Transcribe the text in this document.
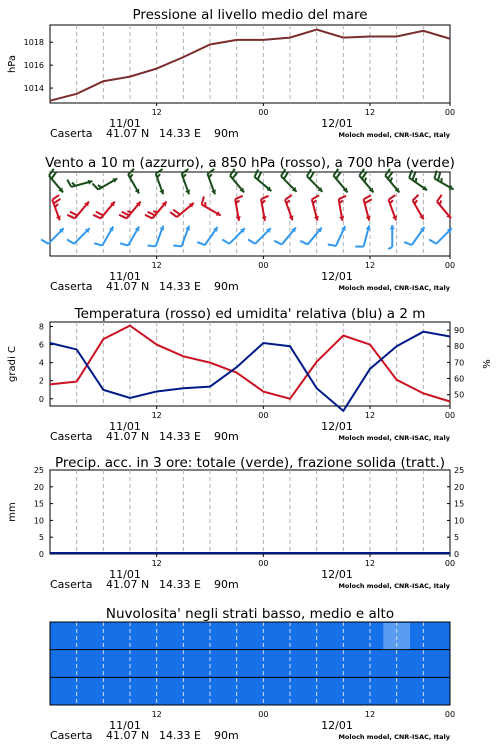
Pressione al livello medio del mare
12	00	12	00
11/01	12/01
Caserta 41.07 N 14.33 E 90m	Moloch model, CNR-ISAC, Italy
1014
1016
1018
hPa
Vento a 10 m (azzurro), a 850 hPa (rosso), a 700 hPa (verde)
12	00	12	00
11/01	12/01
Caserta 41.07 N 14.33 E 90m	Moloch model, CNR-ISAC, Italy
Temperatura (rosso) ed umidita' relativa (blu) a 2 m
12	00	12	00
11/01	12/01
Caserta 41.07 N 14.33 E 90m	Moloch model, CNR-ISAC, Italy
0
2
4
6
8
50
60
70
80
90
gradi C	%
Precip. acc. in 3 ore: totale (verde), frazione solida (tratt.)
12	00	12	00
11/01	12/01
Caserta 41.07 N 14.33 E 90m	Moloch model, CNR-ISAC, Italy
0
5
10
15
20
25
0
5
10
15
20
25
mm
Nuvolosita' negli strati basso, medio e alto
12	00	12	00
11/01	12/01
Caserta 41.07 N 14.33 E 90m	Moloch model, CNR-ISAC, Italy
